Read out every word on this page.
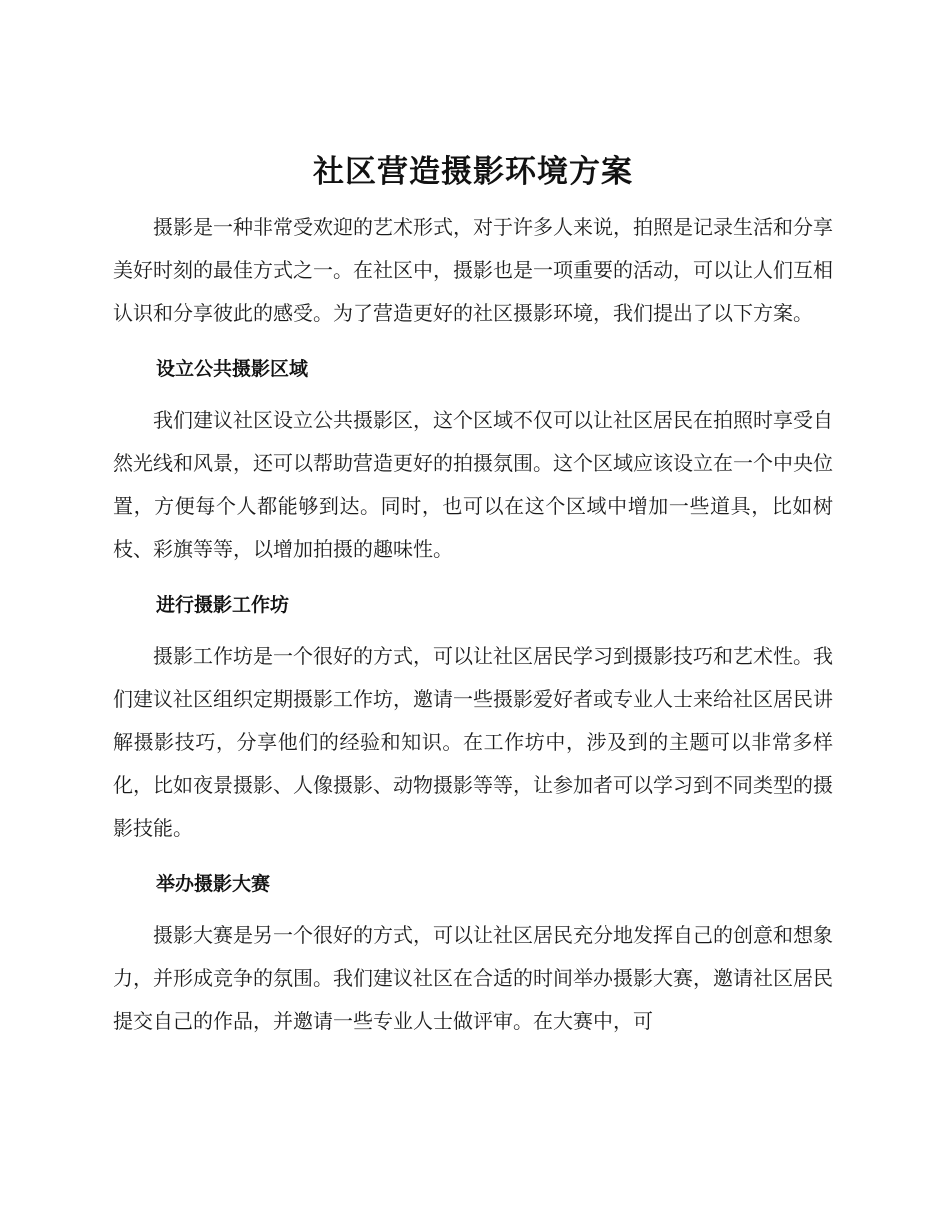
社区营造摄影环境方案

摄影是一种非常受欢迎的艺术形式，对于许多人来说，拍照是记录生活和分享美好时刻的最佳方式之一。在社区中，摄影也是一项重要的活动，可以让人们互相认识和分享彼此的感受。为了营造更好的社区摄影环境，我们提出了以下方案。

设立公共摄影区域

我们建议社区设立公共摄影区，这个区域不仅可以让社区居民在拍照时享受自然光线和风景，还可以帮助营造更好的拍摄氛围。这个区域应该设立在一个中央位置，方便每个人都能够到达。同时，也可以在这个区域中增加一些道具，比如树枝、彩旗等等，以增加拍摄的趣味性。

进行摄影工作坊

摄影工作坊是一个很好的方式，可以让社区居民学习到摄影技巧和艺术性。我们建议社区组织定期摄影工作坊，邀请一些摄影爱好者或专业人士来给社区居民讲解摄影技巧，分享他们的经验和知识。在工作坊中，涉及到的主题可以非常多样化，比如夜景摄影、人像摄影、动物摄影等等，让参加者可以学习到不同类型的摄影技能。

举办摄影大赛

摄影大赛是另一个很好的方式，可以让社区居民充分地发挥自己的创意和想象力，并形成竞争的氛围。我们建议社区在合适的时间举办摄影大赛，邀请社区居民提交自己的作品，并邀请一些专业人士做评审。在大赛中，可
